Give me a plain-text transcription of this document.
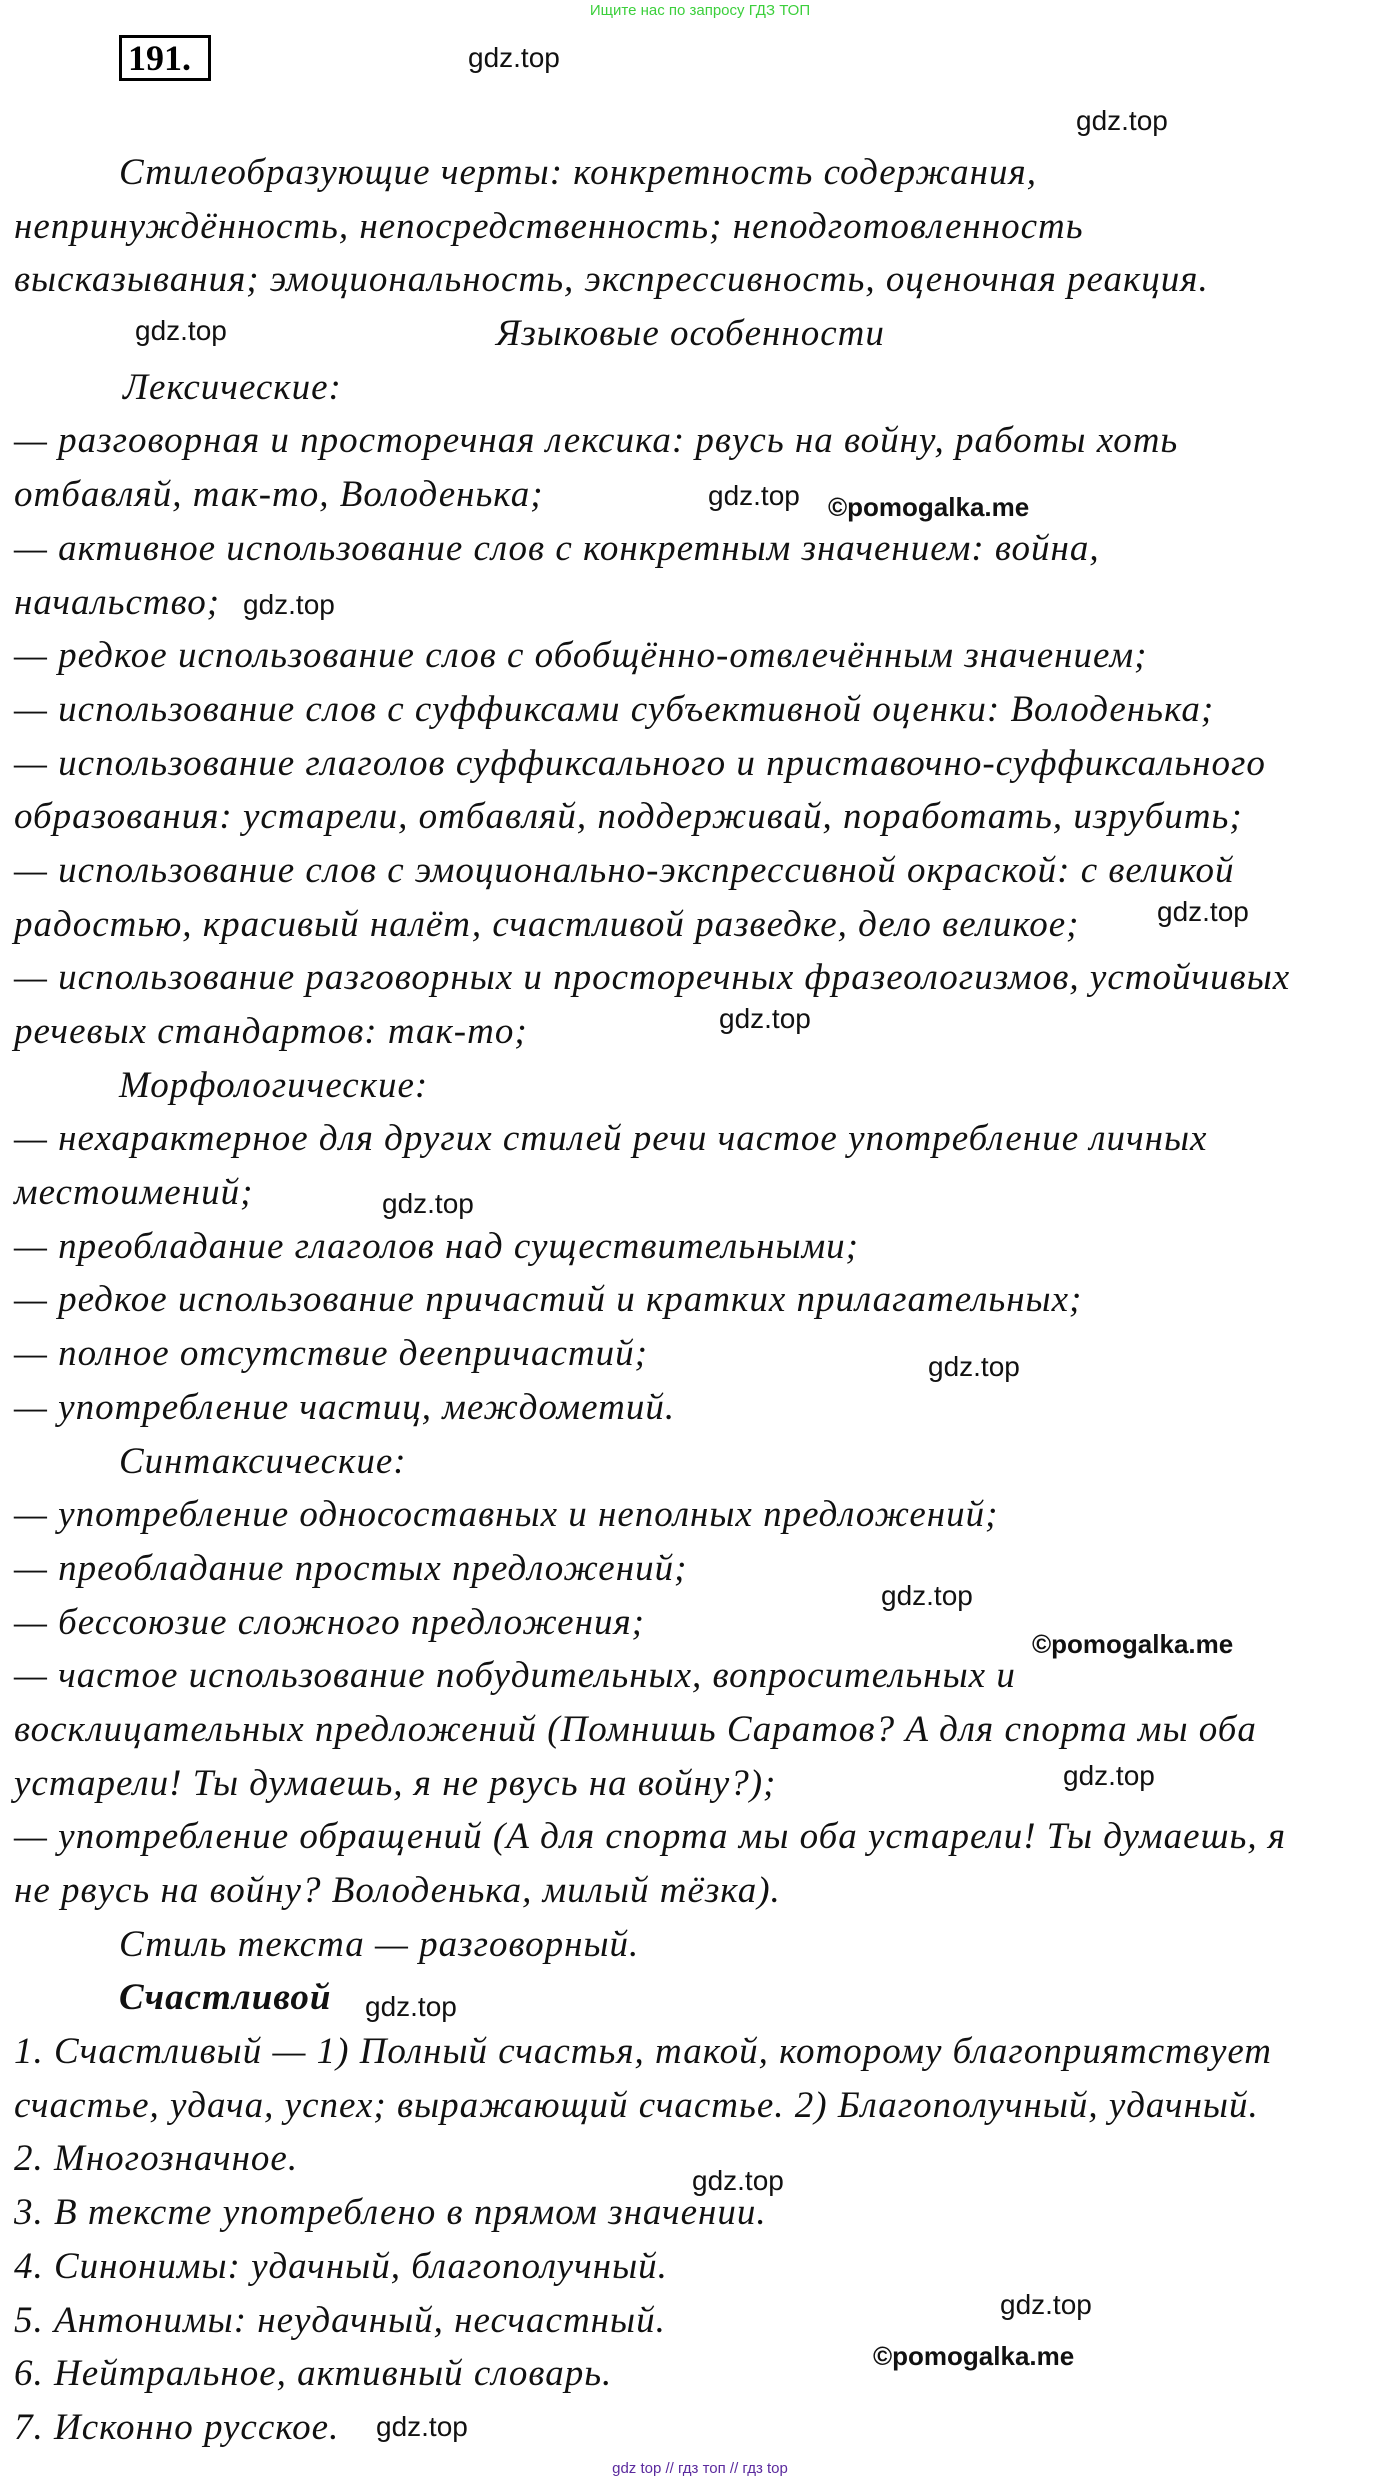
Ищите нас по запросу ГДЗ ТОП
191.
Стилеобразующие черты: конкретность содержания,
непринуждённость, непосредственность; неподготовленность
высказывания; эмоциональность, экспрессивность, оценочная реакция.
Языковые особенности
Лексические:
— разговорная и просторечная лексика: рвусь на войну, работы хоть
отбавляй, так-то, Володенька;
— активное использование слов с конкретным значением: война,
начальство;
— редкое использование слов с обобщённо-отвлечённым значением;
— использование слов с суффиксами субъективной оценки: Володенька;
— использование глаголов суффиксального и приставочно-суффиксального
образования: устарели, отбавляй, поддерживай, поработать, изрубить;
— использование слов с эмоционально-экспрессивной окраской: с великой
радостью, красивый налёт, счастливой разведке, дело великое;
— использование разговорных и просторечных фразеологизмов, устойчивых
речевых стандартов: так-то;
Морфологические:
— нехарактерное для других стилей речи частое употребление личных
местоимений;
— преобладание глаголов над существительными;
— редкое использование причастий и кратких прилагательных;
— полное отсутствие деепричастий;
— употребление частиц, междометий.
Синтаксические:
— употребление односоставных и неполных предложений;
— преобладание простых предложений;
— бессоюзие сложного предложения;
— частое использование побудительных, вопросительных и
восклицательных предложений (Помнишь Саратов? А для спорта мы оба
устарели! Ты думаешь, я не рвусь на войну?);
— употребление обращений (А для спорта мы оба устарели! Ты думаешь, я
не рвусь на войну? Володенька, милый тёзка).
Стиль текста — разговорный.
Счастливой
1. Счастливый — 1) Полный счастья, такой, которому благоприятствует
счастье, удача, успех; выражающий счастье. 2) Благополучный, удачный.
2. Многозначное.
3. В тексте употреблено в прямом значении.
4. Синонимы: удачный, благополучный.
5. Антонимы: неудачный, несчастный.
6. Нейтральное, активный словарь.
7. Исконно русское.
gdz.top
gdz.top
gdz.top
gdz.top
gdz.top
gdz.top
gdz.top
gdz.top
gdz.top
gdz.top
gdz.top
gdz.top
gdz.top
gdz.top
gdz.top
©pomogalka.me
©pomogalka.me
©pomogalka.me
gdz top // гдз топ // гдз top
